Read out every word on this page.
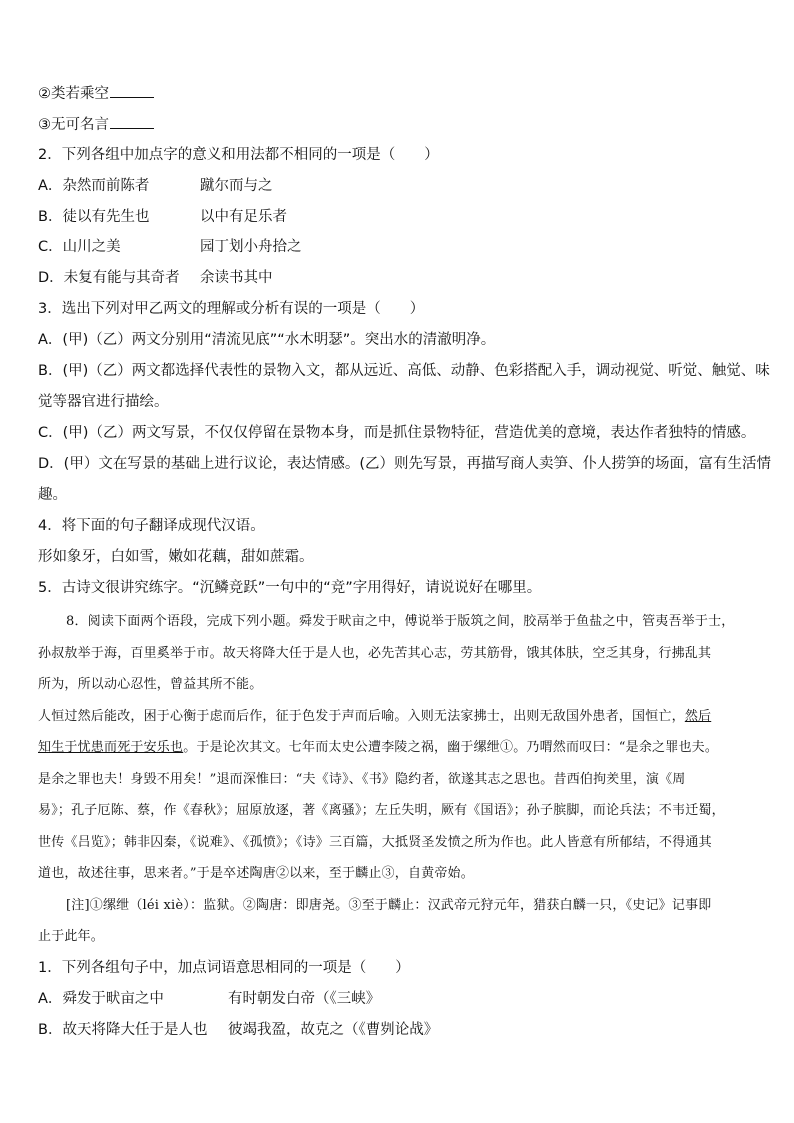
②类若乘空
③无可名言
2．下列各组中加点字的意义和用法都不相同的一项是（　　）
A．杂然而前陈者	蹴尔而与之
B．徒以有先生也	以中有足乐者
C．山川之美	园丁划小舟拾之
D．未复有能与其奇者 余读书其中
3．选出下列对甲乙两文的理解或分析有误的一项是（　　）
A．(甲)（乙）两文分别用“清流见底”“水木明瑟”。突出水的清澈明净。
B．(甲)（乙）两文都选择代表性的景物入文，都从远近、高低、动静、色彩搭配入手，调动视觉、听觉、触觉、味
觉等器官进行描绘。
C．(甲)（乙）两文写景，不仅仅停留在景物本身，而是抓住景物特征，营造优美的意境，表达作者独特的情感。
D．(甲）文在写景的基础上进行议论，表达情感。(乙）则先写景，再描写商人卖笋、仆人捞笋的场面，富有生活情
趣。
4．将下面的句子翻译成现代汉语。
形如象牙，白如雪，嫩如花藕，甜如蔗霜。
5．古诗文很讲究练字。“沉鳞竞跃”一句中的“竞”字用得好，请说说好在哪里。
8．阅读下面两个语段，完成下列小题。舜发于畎亩之中，傅说举于版筑之间，胶鬲举于鱼盐之中，管夷吾举于士，
孙叔敖举于海，百里奚举于市。故天将降大任于是人也，必先苦其心志，劳其筋骨，饿其体肤，空乏其身，行拂乱其
所为，所以动心忍性，曾益其所不能。
人恒过然后能改，困于心衡于虑而后作，征于色发于声而后喻。入则无法家拂士，出则无敌国外患者，国恒亡，然后
知生于忧患而死于安乐也。于是论次其文。七年而太史公遭李陵之祸，幽于缧绁①。乃喟然而叹曰：“是余之罪也夫。
是余之罪也夫！身毁不用矣！”退而深惟曰：“夫《诗》、《书》隐约者，欲遂其志之思也。昔西伯拘羑里，演《周
易》；孔子厄陈、蔡，作《春秋》；屈原放逐，著《离骚》；左丘失明，厥有《国语》；孙子膑脚，而论兵法；不韦迁蜀，
世传《吕览》；韩非囚秦，《说难》、《孤愤》；《诗》三百篇，大抵贤圣发愤之所为作也。此人皆意有所郁结，不得通其
道也，故述往事，思来者。”于是卒述陶唐②以来，至于麟止③，自黄帝始。
[注]①缧绁（léi xiè）：监狱。②陶唐：即唐尧。③至于麟止：汉武帝元狩元年，猎获白麟一只，《史记》记事即
止于此年。
1．下列各组句子中，加点词语意思相同的一项是（　　）
A．舜发于畎亩之中	有时朝发白帝（《三峡》
B．故天将降大任于是人也 彼竭我盈，故克之（《曹刿论战》
